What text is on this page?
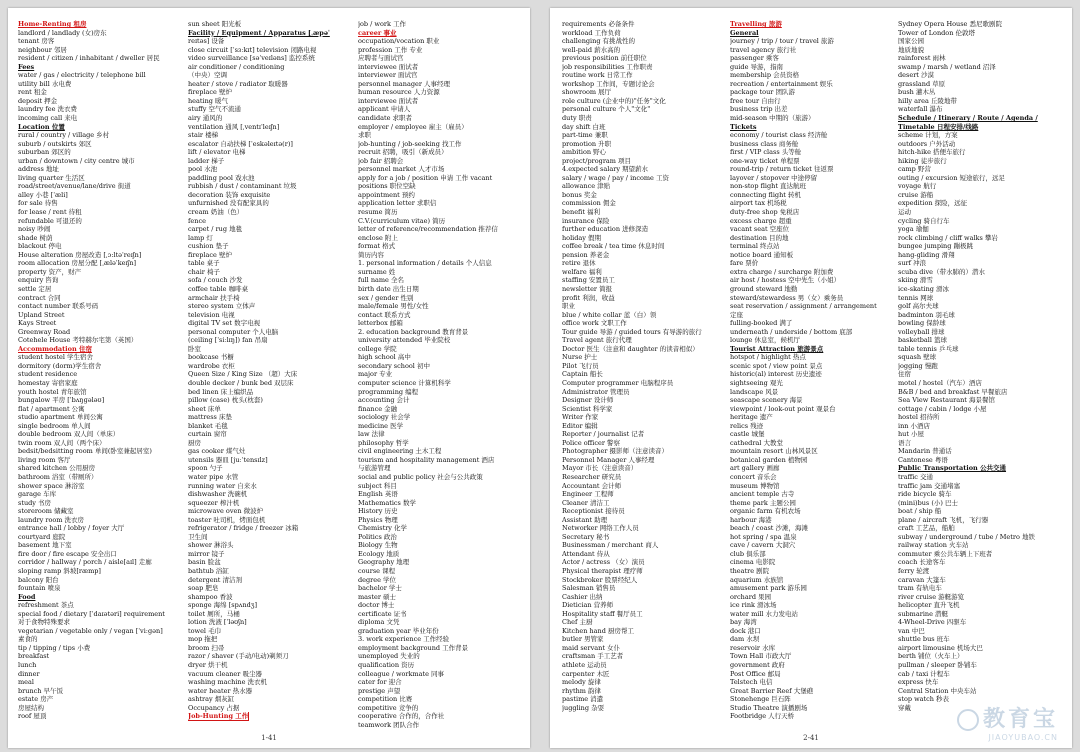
Home-Renting 租房
landlord / landlady (女)房东
tenant 房客
neighbour 邻居
resident / citizen / inhabitant / dweller 居民
Fees
water / gas / electricity / telephone bill
utility bill 水电费
rent 租金
deposit 押金
laundry fee 洗衣费
incoming call 来电
Location 位置
rural / country / village 乡村
suburb / outskirts 郊区
suburban 郊区的
urban / downtown / city centre 城市
address 地址
living quarter 生活区
road/street/avenue/lane/drive 街道
alley 小巷 [ˈæli]
for sale 待售
for lease / rent 待租
refundable 可退还的
noisy 吵闹
shade 树荫
blackout 停电
House alteration 房屋改造 [ˌɔ:ltəˈreɪʃn]
room allocation 房屋分配 [ˌæləˈkeɪʃn]
property 资产，财产
enquiry 咨询
settle 定居
contract 合同
contact number 联系号码
Upland Street
Kays Street
Greenway Road
Cotehele House 考特赫尔宅第（英国）
Accommodation 住宿
student hostel 学生宿舍
dormitory (dorm)学生宿舍
student residence
homestay 寄宿家庭
youth hostel 青年旅馆
bungalow 平房 [ˈbʌŋɡələʊ]
flat / apartment 公寓
studio apartment 单间公寓
single bedroom 单人间
double bedroom 双人间（单床）
twin room 双人间（两个床）
bedsit/bedsitting room 单间(卧室兼起居室)
living room 客厅
shared kitchen 公用厨房
bathroom 浴室（带厕所）
shower space 淋浴室
garage 车库
study 书房
storeroom 储藏室
laundry room 洗衣房
entrance hall / lobby / foyer 大厅
courtyard 庭院
basement 地下室
fire door / fire escape 安全出口
corridor / hallway / porch / aisle[aɪl] 走廊
sloping ramp 斜坡[ræmp]
balcony 阳台
fountain 喷泉
Food
refreshment 茶点
special food / dietary [ˈdaɪətəri] requirement
对于食物特殊要求
vegetarian / vegetable only / vegan [ˈviːgən]
素食的
tip / tipping / tips 小费
breakfast
lunch
dinner
meal
brunch 早午饭
estate 房产
房屋结构
roof 屋顶
sun sheet 阳光板
Facility / Equipment / Apparatus [ˌæpəˈ
reɪtəs] 设备
close circuit [ˈsɜːkɪt] television 闭路电视
video surveillance [səˈveɪləns] 监控系统
air conditioner / conditioning
（中央）空调
heater / stove / radiator 取暖器
fireplace 壁炉
heating 暖气
stuffy 空气不流通
airy 通风的
ventilation 通风 [ˌventɪˈleɪʃn]
stair 楼梯
escalator 自动扶梯 [ˈeskəleɪtə(r)]
lift / elevator 电梯
ladder 梯子
pool 水池
paddling pool 戏水池
rubbish / dust / contaminant 垃圾
decoration 装饰 exquisite
unfurnished 没有配家具的
cream 奶油（色）
fence
carpet / rug 地毯
lamp 灯
cushion 垫子
fireplace 壁炉
table 桌子
chair 椅子
sofa / couch 沙发
coffee table 咖啡桌
armchair 扶手椅
stereo system 立体声
television 电视
digital TV set 数字电视
personal computer 个人电脑
(ceiling [ˈsiːlɪŋ]) fan 吊扇
卧室
bookcase 书橱
wardrobe 衣柜
Queen Size / King Size （超）大床
double decker / bunk bed 双层床
bed linen 床上编织品
pillow (case) 枕头(枕套)
sheet 床单
mattress 床垫
blanket 毛毯
curtain 窗帘
厨房
gas cooker 煤气灶
utensils 器皿 [juːˈtensɪlz]
spoon 勺子
water pipe 水管
running water 自来水
dishwasher 洗碗机
squeezer 榨汁机
microwave oven 微波炉
toaster 吐司机，烤面包机
refrigerator / fridge / freezer 冰箱
卫生间
shower 淋浴头
mirror 镜子
basin 脸盆
bathtub 浴缸
detergent 清洁剂
soap 肥皂
shampoo 香波
sponge 海绵 [spʌndʒ]
toilet 厕所，马桶
lotion 洗液 [ˈləʊʃn]
towel 毛巾
mop 拖把
broom 扫帚
razor / shaver (手动/电动)剃须刀
dryer 烘干机
vacuum cleaner 吸尘器
washing machine 洗衣机
water heater 热水器
ashtray 烟灰缸
Occupancy 占据
Job-Hunting 工作
job / work 工作
career 事业
occupation/vocation 职业
profession 工作 专业
应聘者与面试官
interviewee 面试者
interviewer 面试官
personnel manager 人事经理
human resource 人力资源
interviewee 面试者
applicant 申请人
candidate 求职者
employer / employee 雇主（雇员）
求职
job-hunting / job-seeking 找工作
recruit 招聘，吸引（新成员）
job fair 招聘会
personnel market 人才市场
apply for a job / position 申请 工作 vacant
positions 职位空缺
appointment 预约
application letter 求职信
resume 简历
C.V.(curriculum vitae) 简历
letter of reference/recommendation 推荐信
enclose 附上
format 格式
简历内容
1. personal information / details 个人信息
surname 姓
full name 全名
birth date 出生日期
sex / gender 性别
male/female 男性/女性
contact 联系方式
letterbox 邮箱
2. education background 教育背景
university attended 毕业院校
college 学院
high school 高中
secondary school 初中
major 专业
computer science 计算机科学
programming 编程
accounting 会计
finance 金融
sociology 社会学
medicine 医学
law 法律
philosophy 哲学
civil engineering 土木工程
tourism and hospitality management 酒店
与旅游管理
social and public policy 社会与公共政策
subject 科目
English 英语
Mathematics 数学
History 历史
Physics 物理
Chemistry 化学
Politics 政治
Biology 生物
Ecology 地质
Geography 地理
course 课程
degree 学位
bachelor 学士
master 硕士
doctor 博士
certificate 证书
diploma 文凭
graduation year 毕业年份
3. work experience 工作经验
employment background 工作背景
unemployed 失业的
qualification 资历
colleague / workmate 同事
cater for 迎合
prestige 声望
competition 比赛
competitive 竞争的
cooperative 合作的，合作社
teamwork 团队合作
1-41
requirements 必备条件
workload 工作负荷
challenging 有挑战性的
well-paid 薪水高的
previous position 前任职位
job responsibilities 工作职责
routine work 日常工作
workshop 工作间，专题讨论会
showroom 展厅
role culture (企业中的)"任务"文化
personal culture 个人"文化"
duty 职责
day shift 白班
part-time 兼职
promotion 升职
ambition 野心
project/program 项目
4.expected salary 期望薪水
salary / wage / pay / income 工资
allowance 津贴
bonus 奖金
commission 佣金
benefit 福利
insurance 保险
further education 进修深造
holiday 假期
coffee break / tea time 休息时间
pension 养老金
retire 退休
welfare 福利
staffing 安置员工
newsletter 简报
profit 利润，收益
职业
blue / white collar 蓝（白）领
office work 文职工作
Tour guide 导游 / guided tours 有导游的旅行
Travel agent 旅行代理
Doctor 医生（注意和 daughter 的读音相似）
Nurse 护士
Pilot 飞行员
Captain 船长
Computer programmer 电脑程序员
Administrator 管理员
Designer 设计师
Scientist 科学家
Writer 作家
Editor 编辑
Reporter / journalist 记者
Police officer 警察
Photographer 摄影师（注意读音）
Personnel Manager 人事经理
Mayor 市长（注意读音）
Researcher 研究员
Accountant 会计师
Engineer 工程师
Cleaner 清洁工
Receptionist 接待员
Assistant 助理
Networker 网络工作人员
Secretary 秘书
Businessman / merchant 商人
Attendant 侍从
Actor / actress （女）演员
Physical therapist 理疗师
Stockbroker 股票经纪人
Salesman 销售员
Cashier 出纳
Dietician 营养师
Hospitality staff 餐厅员工
Chef 主厨
Kitchen hand 厨房帮工
butler 男管家
maid servant 女仆
craftsman 手工艺者
athlete 运动员
carpenter 木匠
melody 旋律
rhythm 韵律
pastime 消遣
juggling 杂耍
Travelling 旅游
General
journey / trip / tour / travel 旅游
travel agency 旅行社
passenger 乘客
guide 导游，指南
membership 会员资格
recreation / entertainment 娱乐
package tour 团队游
free tour 自由行
business trip 出差
mid-season 中期的（旅游）
Tickets
economy / tourist class 经济舱
business class 商务舱
first / VIP class 头等舱
one-way ticket 单程票
round-trip / return ticket 往返票
layover / stopover 中途停留
non-stop flight 直达航班
connecting flight 转机
airport tax 机场税
duty-free shop 免税店
excess charge 超重
vacant seat 空座位
destination 目的地
terminal 终点站
notice board 通知板
fare 票价
extra charge / surcharge 附加费
air host / hostess 空中先生（小姐）
ground steward 地勤
steward/stewardess 男（女）乘务员
seat reservation / assignment / arrangement
定座
fulling-booked 满了
underneath / underside / bottom 底部
lounge 休息室，候机厅
Tourist Attraction 旅游景点
hotspot / highlight 热点
scenic spot / view point 景点
historic(al) interest 历史遗迹
sightseeing 观光
landscape 风景
seascape scenery 海景
viewpoint / look-out point 观景台
heritage 遗产
relics 残迹
castle 城堡
cathedral 大教堂
mountain resort 山林风景区
botanical garden 植物园
art gallery 画廊
concert 音乐会
museum 博物馆
ancient temple 古寺
theme park 主题公园
organic farm 有机农场
harbour 海港
beach / coast 沙滩，海滩
hot spring / spa 温泉
cave / cavern 大洞穴
club 俱乐部
cinema 电影院
theatre 剧院
aquarium 水族馆
amusement park 游乐园
orchard 果园
ice rink 滑冰场
water mill 水力发电站
bay 海湾
dock 港口
dam 水坝
reservoir 水库
Town Hall 市政大厅
government 政府
Post Office 邮局
Telstech 电信
Great Barrier Reef 大堡礁
Stonehenge 巨石阵
Studio Theatre 演播剧场
Footbridge 人行天桥
Sydney Opera House 悉尼歌剧院
Tower of London 伦敦塔
国家公园
地质地貌
rainforest 雨林
swamp / marsh / wetland 沼泽
desert 沙漠
grassland 草原
bush 灌木丛
hilly area 丘陵地带
waterfall 瀑布
Schedule / Itinerary / Route / Agenda /
Timetable 日程安排/线路
scheme 计划，方案
outdoors 户外活动
hitch-hike 搭便车旅行
hiking 徒步旅行
camp 野营
outing / excursion 短途旅行，远足
voyage 航行
cruise 游船
expedition 探险，远征
运动
cycling 骑自行车
yoga 瑜伽
rock climbing / cliff walks 攀岩
bungee jumping 蹦极跳
hang-gliding 滑翔
surf 冲浪
scuba dive（带水肺的）潜水
skiing 滑雪
ice-skating 滑冰
tennis 网球
golf 高尔夫球
badminton 羽毛球
bowling 保龄球
volleyball 排球
basketball 篮球
table tennis 乒乓球
squash 壁球
jogging 慢跑
住宿
motel / hostel（汽车）酒店
B&B / bed and breakfast 早餐旅店
Sea View Restaurant 海景餐馆
cottage / cabin / lodge 小屋
hostel 招待所
inn 小酒店
hut 小屋
语言
Mandarin 普通话
Cantonese 粤语
Public Transportation 公共交通
traffic 交通
traffic jam 交通堵塞
ride bicycle 骑车
(mini)bus (小) 巴士
boat / ship 船
plane / aircraft 飞机，飞行器
craft 工艺品，船舶
subway / underground / tube / Metro 地铁
railway station 火车站
commuter 乘公共车辆上下班者
coach 长途客车
ferry 轮渡
caravan 大篷车
tram 有轨电车
river cruise 游艇游览
helicopter 直升飞机
submarine 潜艇
4-Wheel-Drive 四驱车
van 中巴
shuttle bus 班车
airport limousine 机场大巴
berth 铺位（火车上）
pullman / sleeper 卧铺车
cab / taxi 计程车
express 快车
Central Station 中央车站
stop watch 秒表
穿戴
2-41
教育宝
JIAOYUBAO.CN
